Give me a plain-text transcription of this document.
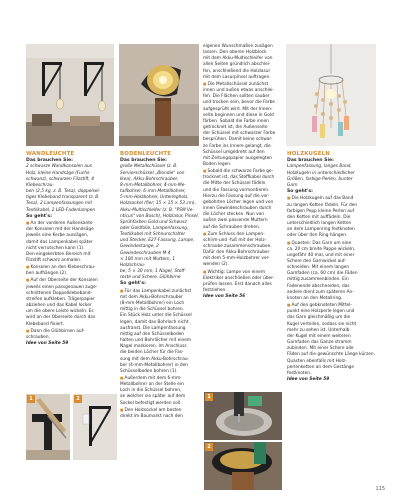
WANDLEUCHTE

Das brauchen Sie:

2 schwarze Wandkonsolen aus

Holz, kleine Handsäge (Fuchs-

schwanz), schwarzen Filzstift, 4 Klebeschrau-

ben (2,5 kg, z. B. Tesa), doppelsei-

tiges Klebeband transparent (z. B.

Tesa), 2 Lampenfassungen mit

Textilkabel, 2 LED-Fadenlampen

So geht's:

■ An der vorderen Außenkante

der Konsolen mit der Handsäge

jeweils eine Kerbe aussägen,

damit das Lampenkabel später

nicht verrutschen kann (1).

Den eingekerbten Bereich mit

Filzstift schwarz anmalen.

■ Konsolen an den Klebeschrau-

ben aufhängen (2).

■ Auf der Oberseite der Konsolen

jeweils einen passgenauen zuge-

schnittenen Doppelklebeband-

streifen aufkleben. Trägerpapier

abziehen und das Kabel locker

um die obere Leiste wickeln. Es

wird an der Oberseite durch das

Klebeband fixiert.

■ Dann die Glühbirnen auf-

schrauben.

Idee von Seite 59

BODENLEUCHTE

Das brauchen Sie:

große Metallschüssel (z. B.

Servierschüssel „Blondie" von

Ikea), Akku-Bohrschrauber,

8-mm-Metallbohrer, 4-mm-Me-

tallbohrer, 6-mm-Metallbohrer,

5-mm-Holzbohrer, Unterlegholz,

Holzsockel (fier; 15 × 15 × 53 cm),

Akku-Multischleifer (z. B. "PSM Ve-

nticus" von Bosch), Holzlasur, Pinsel,

Sprühfarben Gold und Schwarz

oder Goldfolie, Lampenfassung,

Textilkabel mit Schnurschalter

und Stecker, E27-Fassung, Lampe,

Gewindestange, 2 Gewindeschrauben M 4

× 100 mm mit Muttern, 1 Holzschrau-

be, 5 × 30 mm, 1 Nagel, Stoff-

reste und Schere, Glühbirne

So geht's:

■ Für das Lampenkabel zunächst

mit dem Akku-Bohrschrauber

(8-mm-Metallbohrer) ein Loch

mittig in die Schüssel bohren.

Ein Stück Holz unter die Schüssel

legen, damit das Bohrloch nicht

ausfranst. Die Lampenfassung

mittig auf den Schüsselboden

halten und Bohrlöcher mit einem

Nagel markieren. Im Anschluss

die beiden Löcher für die Fas-

sung mit dem Akku-Bohrschrau-

ber (4-mm-Metallbohrer) in den

Schüsselboden bohren (1).

■ Außerdem mit dem 6-mm-

Metallbohrer an der Stelle ein

Loch in die Schüssel bohren,

an welcher sie später auf dem

Sockel befestigt werden soll.

■ Den Holzsockel am besten

direkt im Baumarkt nach den

eigenen Wunschmaßen zusägen

lassen. Den oberen Holzblock

mit dem Akku-Multischleifer von

allen Seiten gründlich abschlei-

fen, anschließend die Holzlasur

mit dem Lasurpinsel auftragen.

■ Die Metallschüssel zunächst

innen und außen etwas anschlei-

fen. Die Flächen sollten sauber

und trocken sein, bevor die Farbe

aufgesprüht wird. Mit der Innen-

seite beginnen und diese in Gold

färben. Sobald die Farbe innen

getrocknet ist, die Außenseite

der Schüssel mit schwarzer Farbe

besprühen. Damit keine schwar-

ze Farbe ins Innere gelangt, die

Schüssel umgedreht auf den

mit Zeitungspapier ausgelegten

Boden legen.

■ Sobald die schwarze Farbe ge-

trocknet ist, das Stoffkabel durch

die Mitte der Schüssel fädeln

und die Fassung vormontieren.

Hierzu die Fassung auf die vor-

gebohrten Löcher legen und von

innen Gewindeschrauben durch

die Löcher stecken. Nun von

außen zwei passende Muttern

auf die Schrauben drehen.

■ Zum Schluss den Lampen-

schirm-und -fuß mit der Holz-

schraube zusammenschrauben.

Dafür den Akku-Bohrschrauber

mit dem 5-mm-Holzbohrer ver-

wenden (2).

■ Wichtig: Lampe von einem

Elektriker anschließen oder über-

prüfen lassen. Erst danach alles

festziehen.

Idee von Seite 56

HOLZKUGELN

Das brauchen Sie:

Lampenfassung, langes Band,

Holzkugeln in unterschiedlicher

Größen, farbige Perlen, bunter

Garn

So geht's:

■ Die Holzkugeln auf das Band

zu langen Ketten fädeln. Für den

farbigen Pepp kleine Perlen auf

den Ketten mit auffädeln. Die

unterschiedlich langen Ketten

an dem Lampenring festknoten

oder über den Ring hängen.

■ Quasten: Das Garn um eine

ca. 20 cm breite Pappe wickeln,

ungefähr 40 mal, und mit einer

Schere den Garnwickel auf-

schneiden. Mit einem langen

Garnfaden (ca. 60 cm) die Fäden

mittig zusammenbinden. Ein

Fadenende abschneiden, das

andere dient zum späteren An-

knoten an den Metallring.

■ Auf den gebknoteten Mittel-

punkt eine Holzperle legen und

das Garn gleichmäßig um die

Kugel verteilen, sodass sie nicht

mehr zu sehen ist. Unterhalb

der Kugel mit einem weiteren

Garnfaden das Ganze stramm

zubinden. Mit einer Schere alle

Fäden auf die gewünschte Länge kürzen.

Quasten ebenfalls mit Holz-

perlenketten an dem Gestänge

festknoten.

Idee von Seite 59

1	2	1
2
115
